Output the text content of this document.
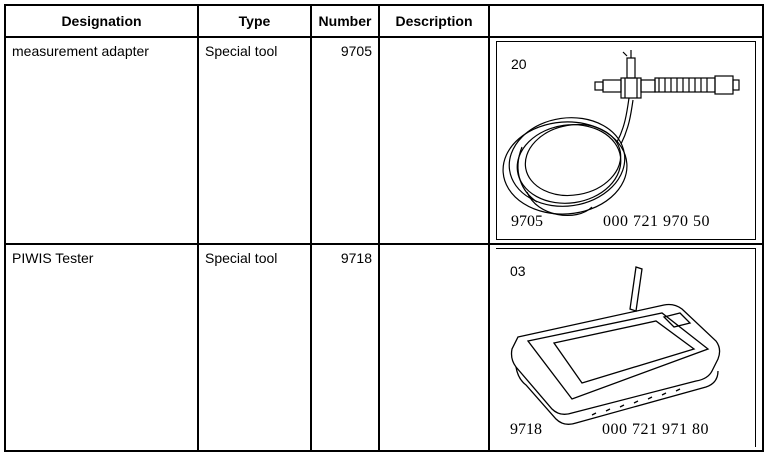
Designation	Type	Number	Description	

measurement adapter	Special tool	9705		20
9705 000 721 970 50

PIWIS Tester	Special tool	9718		03
9718 000 721 971 80
